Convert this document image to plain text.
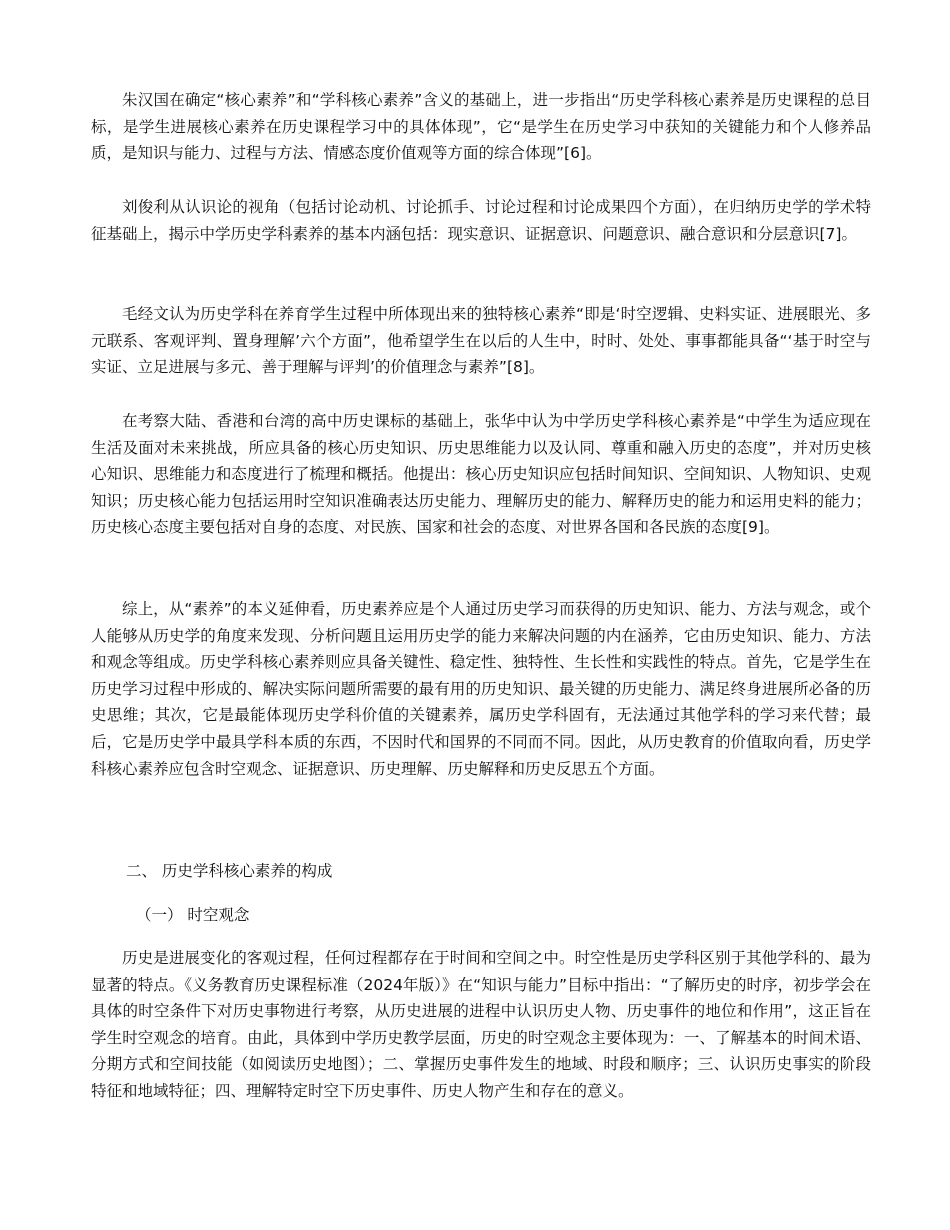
朱汉国在确定“核心素养”和“学科核心素养”含义的基础上，进一步指出“历史学科核心素养是历史课程的总目标，是学生进展核心素养在历史课程学习中的具体体现”，它“是学生在历史学习中获知的关键能力和个人修养品质，是知识与能力、过程与方法、情感态度价值观等方面的综合体现”[6]。

刘俊利从认识论的视角（包括讨论动机、讨论抓手、讨论过程和讨论成果四个方面），在归纳历史学的学术特征基础上，揭示中学历史学科素养的基本内涵包括：现实意识、证据意识、问题意识、融合意识和分层意识[7]。

毛经文认为历史学科在养育学生过程中所体现出来的独特核心素养“即是‘时空逻辑、史料实证、进展眼光、多元联系、客观评判、置身理解’六个方面”，他希望学生在以后的人生中，时时、处处、事事都能具备“‘基于时空与实证、立足进展与多元、善于理解与评判’的价值理念与素养”[8]。

在考察大陆、香港和台湾的高中历史课标的基础上，张华中认为中学历史学科核心素养是“中学生为适应现在生活及面对未来挑战，所应具备的核心历史知识、历史思维能力以及认同、尊重和融入历史的态度”，并对历史核心知识、思维能力和态度进行了梳理和概括。他提出：核心历史知识应包括时间知识、空间知识、人物知识、史观知识；历史核心能力包括运用时空知识准确表达历史能力、理解历史的能力、解释历史的能力和运用史料的能力；历史核心态度主要包括对自身的态度、对民族、国家和社会的态度、对世界各国和各民族的态度[9]。

综上，从“素养”的本义延伸看，历史素养应是个人通过历史学习而获得的历史知识、能力、方法与观念，或个人能够从历史学的角度来发现、分析问题且运用历史学的能力来解决问题的内在涵养，它由历史知识、能力、方法和观念等组成。历史学科核心素养则应具备关键性、稳定性、独特性、生长性和实践性的特点。首先，它是学生在历史学习过程中形成的、解决实际问题所需要的最有用的历史知识、最关键的历史能力、满足终身进展所必备的历史思维；其次，它是最能体现历史学科价值的关键素养，属历史学科固有，无法通过其他学科的学习来代替；最后，它是历史学中最具学科本质的东西，不因时代和国界的不同而不同。因此，从历史教育的价值取向看，历史学科核心素养应包含时空观念、证据意识、历史理解、历史解释和历史反思五个方面。

二、 历史学科核心素养的构成
（一） 时空观念

历史是进展变化的客观过程，任何过程都存在于时间和空间之中。时空性是历史学科区别于其他学科的、最为显著的特点。《义务教育历史课程标准（2024年版）》在“知识与能力”目标中指出：“了解历史的时序，初步学会在具体的时空条件下对历史事物进行考察，从历史进展的进程中认识历史人物、历史事件的地位和作用”，这正旨在学生时空观念的培育。由此，具体到中学历史教学层面，历史的时空观念主要体现为：一、了解基本的时间术语、分期方式和空间技能（如阅读历史地图）；二、掌握历史事件发生的地域、时段和顺序；三、认识历史事实的阶段特征和地域特征；四、理解特定时空下历史事件、历史人物产生和存在的意义。
